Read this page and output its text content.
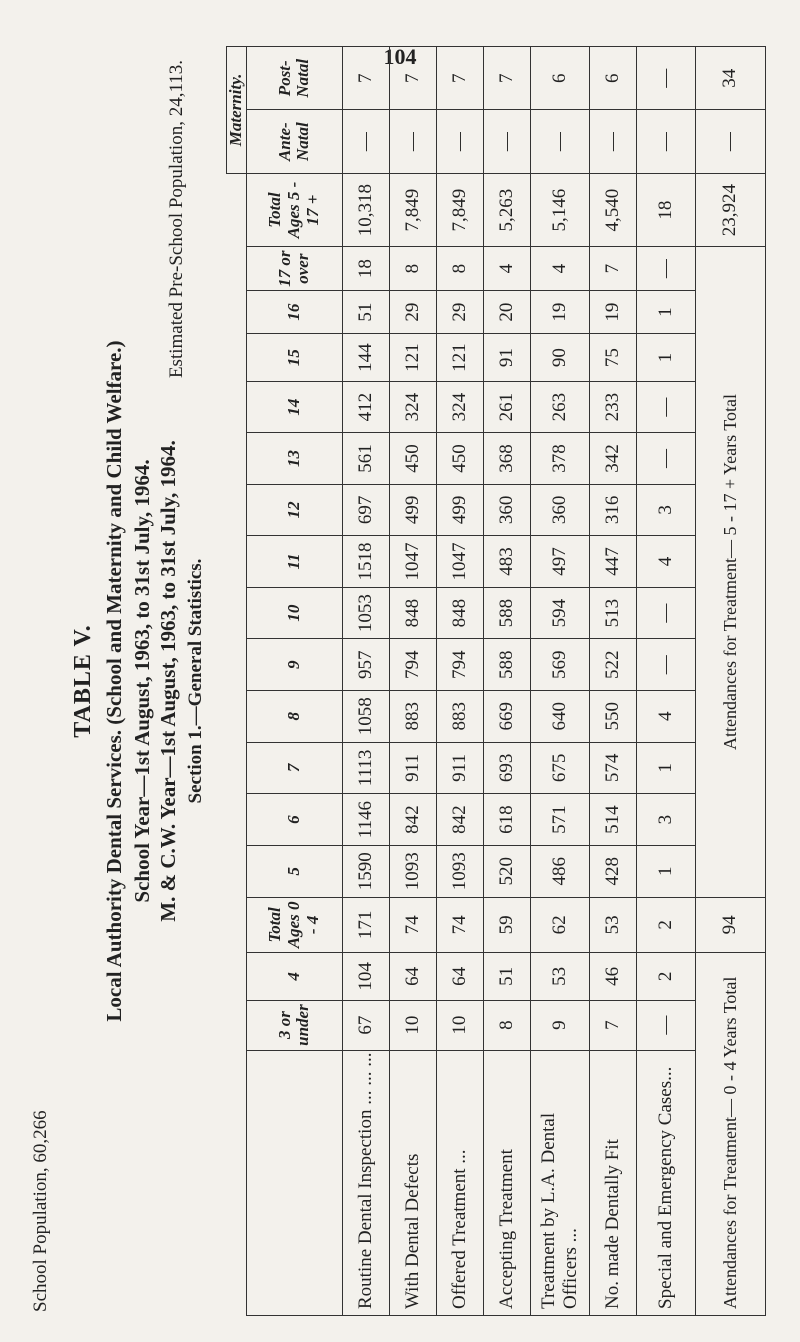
104
TABLE V. Local Authority Dental Services. (School and Maternity and Child Welfare.) School Year—1st August, 1963, to 31st July, 1964. M. & C.W. Year—1st August, 1963, to 31st July, 1964. Section 1.—General Statistics.
School Population, 60,266
Estimated Pre-School Population, 24,113.
																		Maternity.	
	3 or under	4	Total Ages 0 - 4	5	6	7	8	9	10	11	12	13	14	15	16	17 or over	Total Ages 5 - 17 +	Ante-Natal	Post-Natal
Routine Dental Inspection ... ... ...	67	104	171	1590	1146	1113	1058	957	1053	1518	697	561	412	144	51	18	10,318	—	7
With Dental Defects	10	64	74	1093	842	911	883	794	848	1047	499	450	324	121	29	8	7,849	—	7
Offered Treatment ...	10	64	74	1093	842	911	883	794	848	1047	499	450	324	121	29	8	7,849	—	7
Accepting Treatment	8	51	59	520	618	693	669	588	588	483	360	368	261	91	20	4	5,263	—	7
Treatment by L.A. Dental Officers ...	9	53	62	486	571	675	640	569	594	497	360	378	263	90	19	4	5,146	—	6
No. made Dentally Fit	7	46	53	428	514	574	550	522	513	447	316	342	233	75	19	7	4,540	—	6
Special and Emergency Cases...	—	2	2	1	3	1	4	—	—	4	3	—	—	1	1	—	18	—	—
Attendances for Treatment— 0 - 4 Years Total			94	Attendances for Treatment— 5 - 17 + Years Total													23,924	—	34
